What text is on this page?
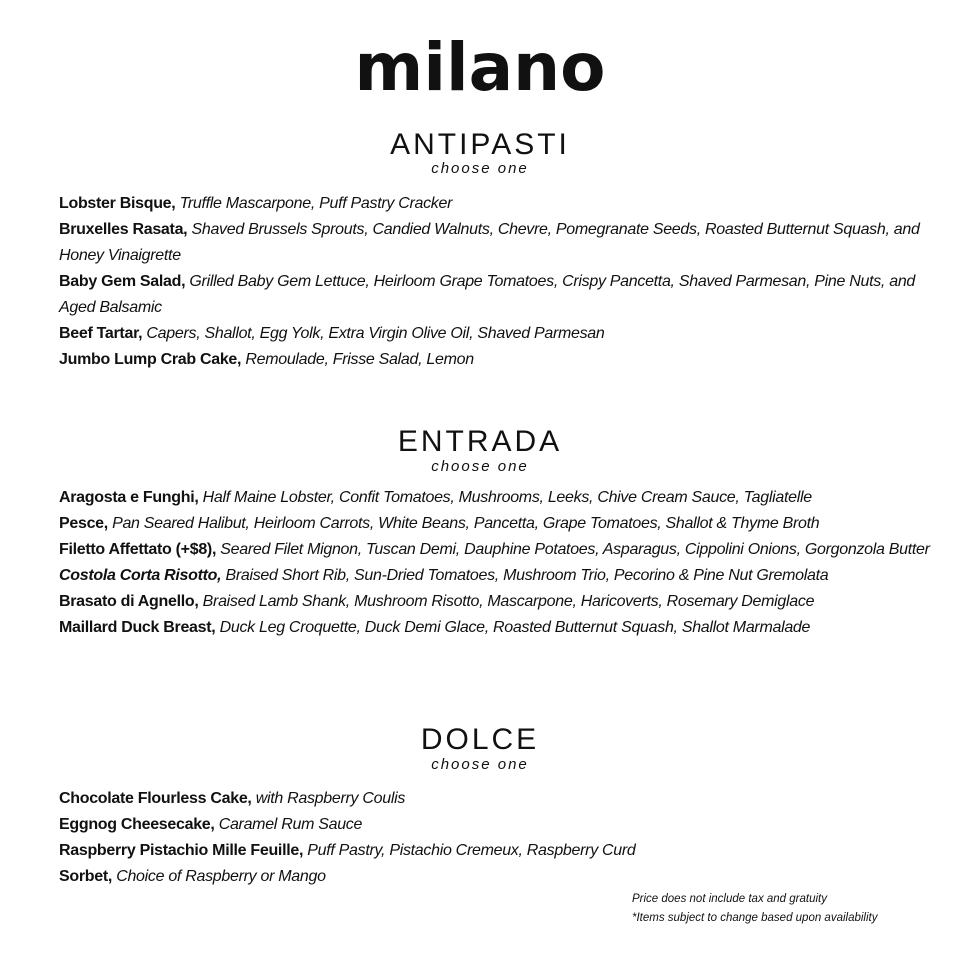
milano
ANTIPASTI
choose one
Lobster Bisque, Truffle Mascarpone, Puff Pastry Cracker
Bruxelles Rasata, Shaved Brussels Sprouts, Candied Walnuts, Chevre, Pomegranate Seeds, Roasted Butternut Squash, and Honey Vinaigrette
Baby Gem Salad, Grilled Baby Gem Lettuce, Heirloom Grape Tomatoes, Crispy Pancetta, Shaved Parmesan, Pine Nuts, and Aged Balsamic
Beef Tartar, Capers, Shallot, Egg Yolk, Extra Virgin Olive Oil, Shaved Parmesan
Jumbo Lump Crab Cake, Remoulade, Frisse Salad, Lemon
ENTRADA
choose one
Aragosta e Funghi, Half Maine Lobster, Confit Tomatoes, Mushrooms, Leeks, Chive Cream Sauce, Tagliatelle
Pesce, Pan Seared Halibut, Heirloom Carrots, White Beans, Pancetta, Grape Tomatoes, Shallot & Thyme Broth
Filetto Affettato (+$8), Seared Filet Mignon, Tuscan Demi, Dauphine Potatoes, Asparagus, Cippolini Onions, Gorgonzola Butter
Costola Corta Risotto, Braised Short Rib, Sun-Dried Tomatoes, Mushroom Trio, Pecorino & Pine Nut Gremolata
Brasato di Agnello, Braised Lamb Shank, Mushroom Risotto, Mascarpone, Haricoverts, Rosemary Demiglace
Maillard Duck Breast, Duck Leg Croquette, Duck Demi Glace, Roasted Butternut Squash, Shallot Marmalade
DOLCE
choose one
Chocolate Flourless Cake, with Raspberry Coulis
Eggnog Cheesecake, Caramel Rum Sauce
Raspberry Pistachio Mille Feuille, Puff Pastry, Pistachio Cremeux, Raspberry Curd
Sorbet, Choice of Raspberry or Mango
Price does not include tax and gratuity
*Items subject to change based upon availability
